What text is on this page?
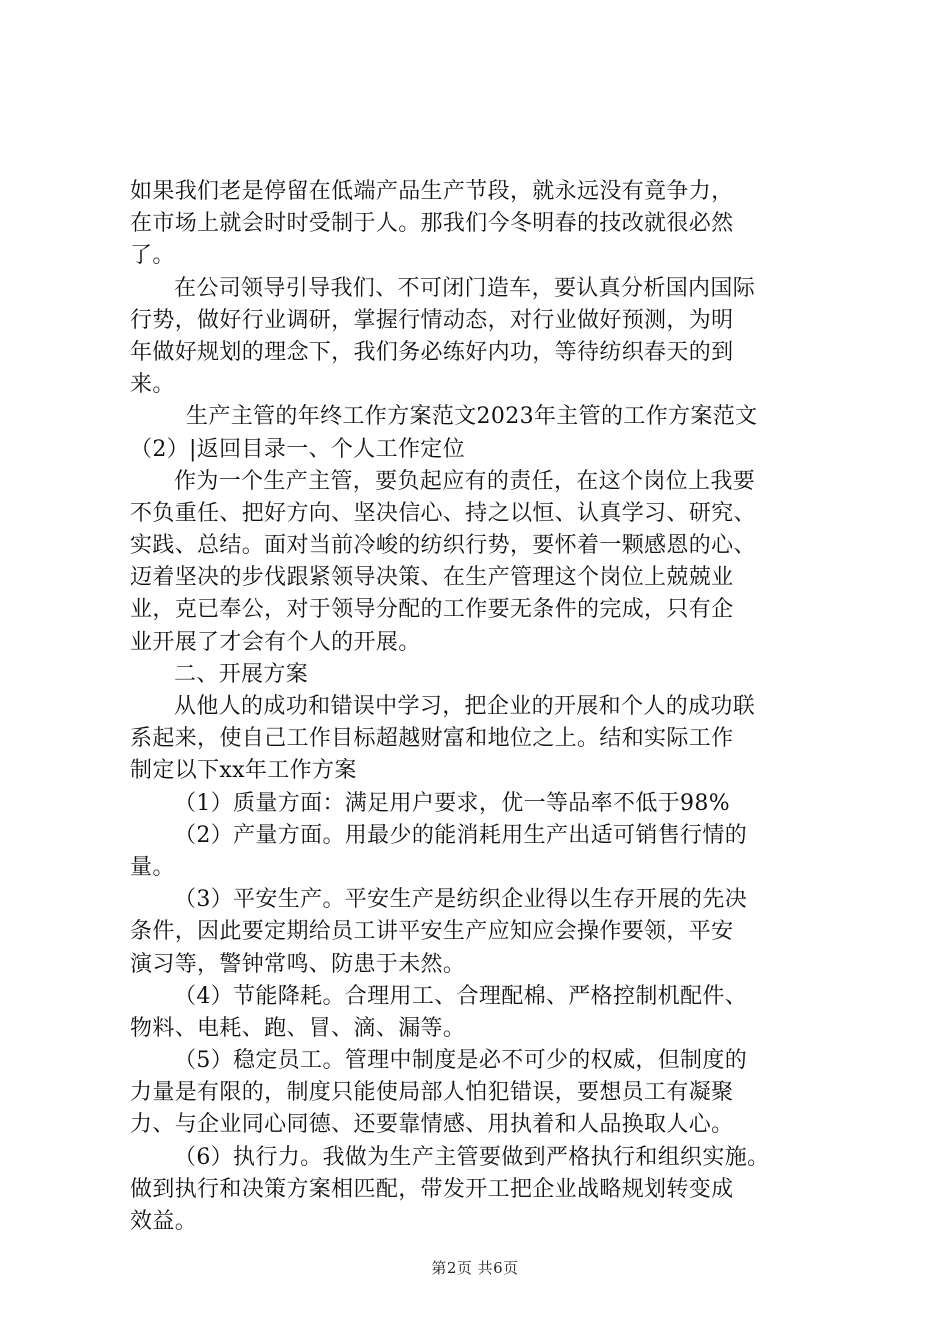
如果我们老是停留在低端产品生产节段，就永远没有竟争力，
在市场上就会时时受制于人。那我们今冬明春的技改就很必然
了。
在公司领导引导我们、不可闭门造车，要认真分析国内国际
行势，做好行业调研，掌握行情动态，对行业做好预测，为明
年做好规划的理念下，我们务必练好内功，等待纺织春天的到
来。
生产主管的年终工作方案范文2023年主管的工作方案范文
（2）|返回目录一、个人工作定位
作为一个生产主管，要负起应有的责任，在这个岗位上我要
不负重任、把好方向、坚决信心、持之以恒、认真学习、研究、
实践、总结。面对当前冷峻的纺织行势，要怀着一颗感恩的心、
迈着坚决的步伐跟紧领导决策、在生产管理这个岗位上兢兢业
业，克已奉公，对于领导分配的工作要无条件的完成，只有企
业开展了才会有个人的开展。
二、开展方案
从他人的成功和错误中学习，把企业的开展和个人的成功联
系起来，使自己工作目标超越财富和地位之上。结和实际工作
制定以下xx年工作方案
（1）质量方面：满足用户要求，优一等品率不低于98%
（2）产量方面。用最少的能消耗用生产出适可销售行情的
量。
（3）平安生产。平安生产是纺织企业得以生存开展的先决
条件，因此要定期给员工讲平安生产应知应会操作要领，平安
演习等，警钟常鸣、防患于未然。
（4）节能降耗。合理用工、合理配棉、严格控制机配件、
物料、电耗、跑、冒、滴、漏等。
（5）稳定员工。管理中制度是必不可少的权威，但制度的
力量是有限的，制度只能使局部人怕犯错误，要想员工有凝聚
力、与企业同心同德、还要靠情感、用执着和人品换取人心。
（6）执行力。我做为生产主管要做到严格执行和组织实施。
做到执行和决策方案相匹配，带发开工把企业战略规划转变成
效益。
第2页 共6页
